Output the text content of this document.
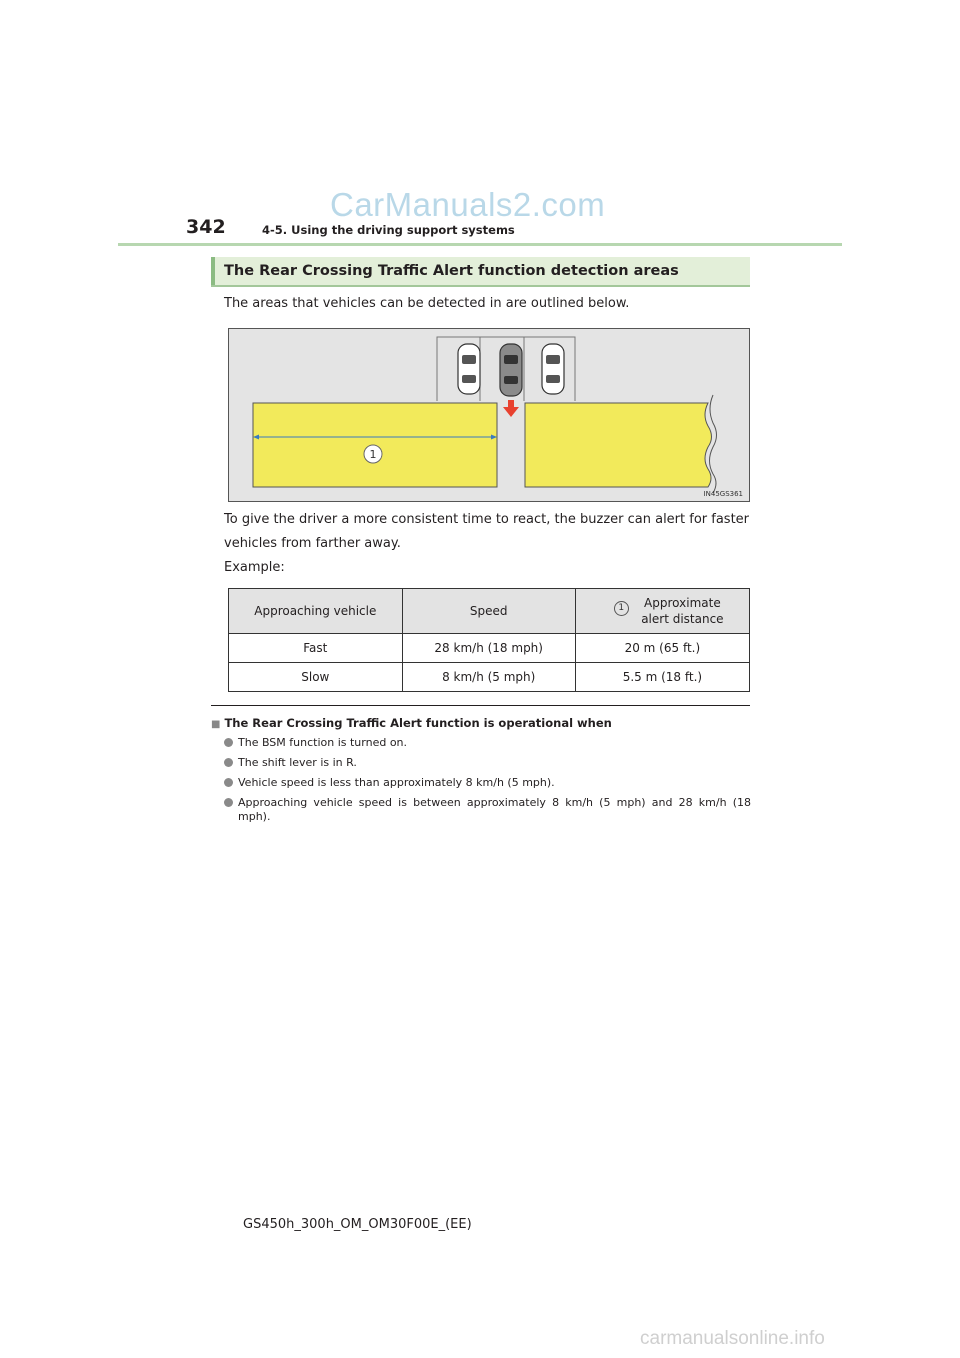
CarManuals2.com
342	4-5. Using the driving support systems
The Rear Crossing Traffic Alert function detection areas
The areas that vehicles can be detected in are outlined below.
1
IN45GS361
To give the driver a more consistent time to react, the buzzer can alert for faster
vehicles from farther away.
Example:
Approaching vehicle	Speed	1 Approximate
alert distance

Fast	28 km/h (18 mph)	20 m (65 ft.)
Slow	8 km/h (5 mph)	5.5 m (18 ft.)
■ The Rear Crossing Traffic Alert function is operational when
The BSM function is turned on.
The shift lever is in R.
Vehicle speed is less than approximately 8 km/h (5 mph).
Approaching vehicle speed is between approximately 8 km/h (5 mph) and 28 km/h (18 mph).
GS450h_300h_OM_OM30F00E_(EE)
carmanualsonline.info
